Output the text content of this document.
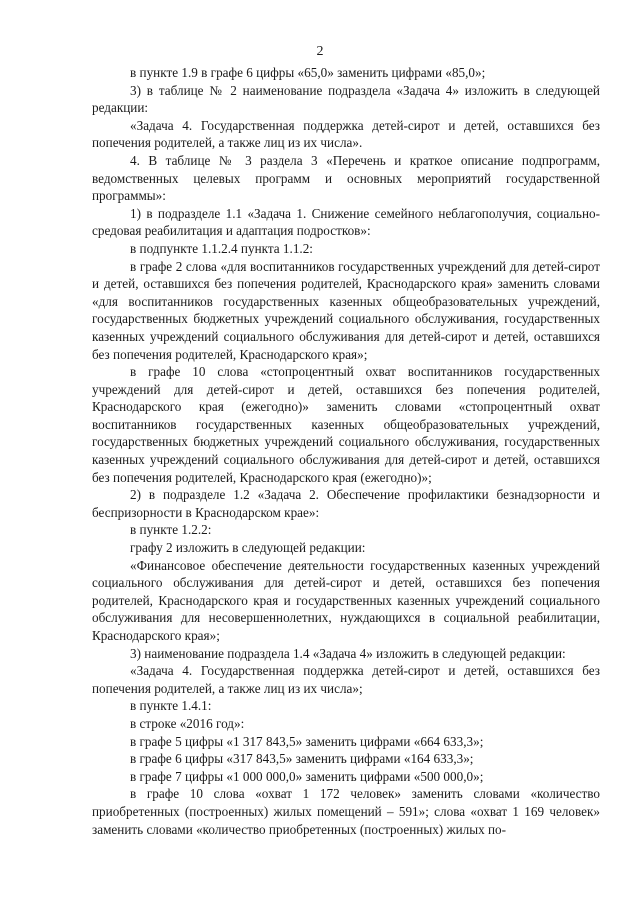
2

в пункте 1.9 в графе 6 цифры «65,0» заменить цифрами «85,0»;

3) в таблице № 2 наименование подраздела «Задача 4» изложить в следующей редакции:

«Задача 4. Государственная поддержка детей-сирот и детей, оставшихся без попечения родителей, а также лиц из их числа».

4. В таблице № 3 раздела 3 «Перечень и краткое описание подпрограмм, ведомственных целевых программ и основных мероприятий государственной программы»:

1) в подразделе 1.1 «Задача 1. Снижение семейного неблагополучия, социально-средовая реабилитация и адаптация подростков»:

в подпункте 1.1.2.4 пункта 1.1.2:

в графе 2 слова «для воспитанников государственных учреждений для детей-сирот и детей, оставшихся без попечения родителей, Краснодарского края» заменить словами «для воспитанников государственных казенных общеобразовательных учреждений, государственных бюджетных учреждений социального обслуживания, государственных казенных учреждений социального обслуживания для детей-сирот и детей, оставшихся без попечения родителей, Краснодарского края»;

в графе 10 слова «стопроцентный охват воспитанников государственных учреждений для детей-сирот и детей, оставшихся без попечения родителей, Краснодарского края (ежегодно)» заменить словами «стопроцентный охват воспитанников государственных казенных общеобразовательных учреждений, государственных бюджетных учреждений социального обслуживания, государственных казенных учреждений социального обслуживания для детей-сирот и детей, оставшихся без попечения родителей, Краснодарского края (ежегодно)»;

2) в подразделе 1.2 «Задача 2. Обеспечение профилактики безнадзорности и беспризорности в Краснодарском крае»:

в пункте 1.2.2:

графу 2 изложить в следующей редакции:

«Финансовое обеспечение деятельности государственных казенных учреждений социального обслуживания для детей-сирот и детей, оставшихся без попечения родителей, Краснодарского края и государственных казенных учреждений социального обслуживания для несовершеннолетних, нуждающихся в социальной реабилитации, Краснодарского края»;

3) наименование подраздела 1.4 «Задача 4» изложить в следующей редакции:

«Задача 4. Государственная поддержка детей-сирот и детей, оставшихся без попечения родителей, а также лиц из их числа»;

в пункте 1.4.1:

в строке «2016 год»:

в графе 5 цифры «1 317 843,5» заменить цифрами «664 633,3»;

в графе 6 цифры «317 843,5» заменить цифрами «164 633,3»;

в графе 7 цифры «1 000 000,0» заменить цифрами «500 000,0»;

в графе 10 слова «охват 1 172 человек» заменить словами «количество приобретенных (построенных) жилых помещений – 591»; слова «охват 1 169 человек» заменить словами «количество приобретенных (построенных) жилых по-
